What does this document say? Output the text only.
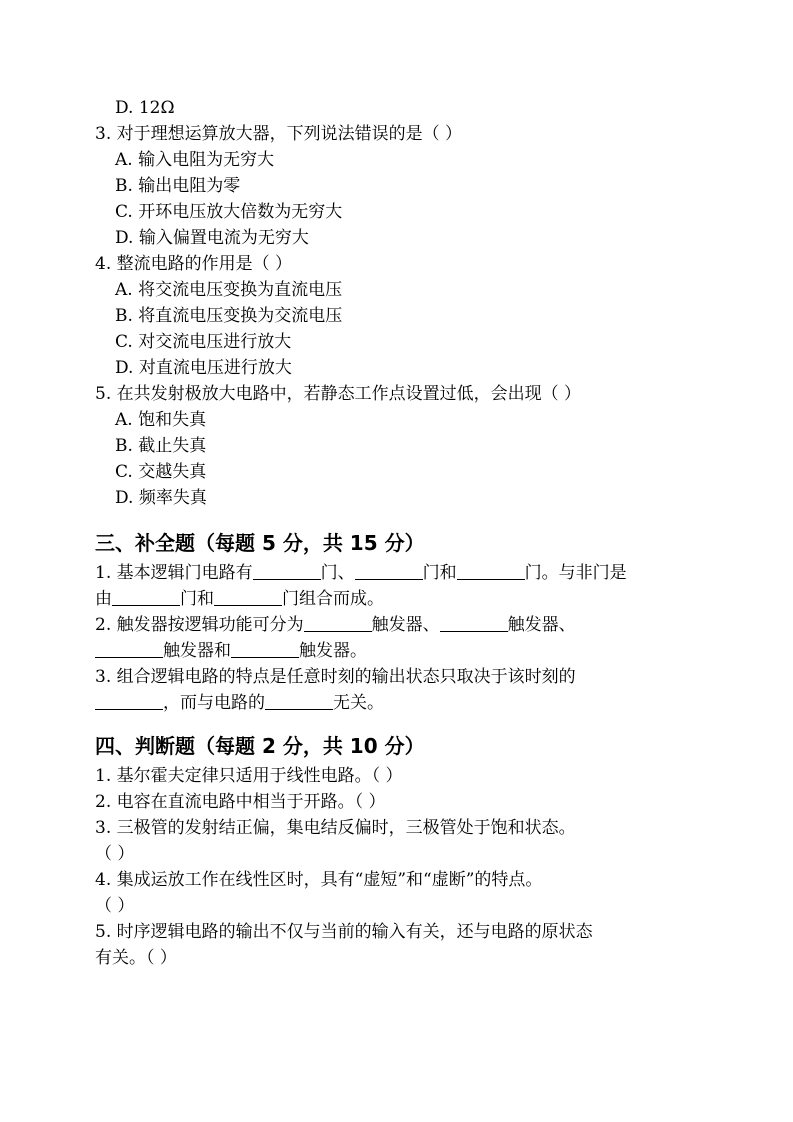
D. 12Ω
3. 对于理想运算放大器，下列说法错误的是（ ）
A. 输入电阻为无穷大
B. 输出电阻为零
C. 开环电压放大倍数为无穷大
D. 输入偏置电流为无穷大
4. 整流电路的作用是（ ）
A. 将交流电压变换为直流电压
B. 将直流电压变换为交流电压
C. 对交流电压进行放大
D. 对直流电压进行放大
5. 在共发射极放大电路中，若静态工作点设置过低，会出现（ ）
A. 饱和失真
B. 截止失真
C. 交越失真
D. 频率失真
三、补全题（每题 5 分，共 15 分）
1. 基本逻辑门电路有	门、	门和	门。与非门是
由	门和	门组合而成。
2. 触发器按逻辑功能可分为	触发器、	触发器、
触发器和	触发器。
3. 组合逻辑电路的特点是任意时刻的输出状态只取决于该时刻的
，而与电路的	无关。
四、判断题（每题 2 分，共 10 分）
1. 基尔霍夫定律只适用于线性电路。（ ）
2. 电容在直流电路中相当于开路。（ ）
3. 三极管的发射结正偏，集电结反偏时，三极管处于饱和状态。
（ ）
4. 集成运放工作在线性区时，具有“虚短”和“虚断”的特点。
（ ）
5. 时序逻辑电路的输出不仅与当前的输入有关，还与电路的原状态
有关。（ ）
